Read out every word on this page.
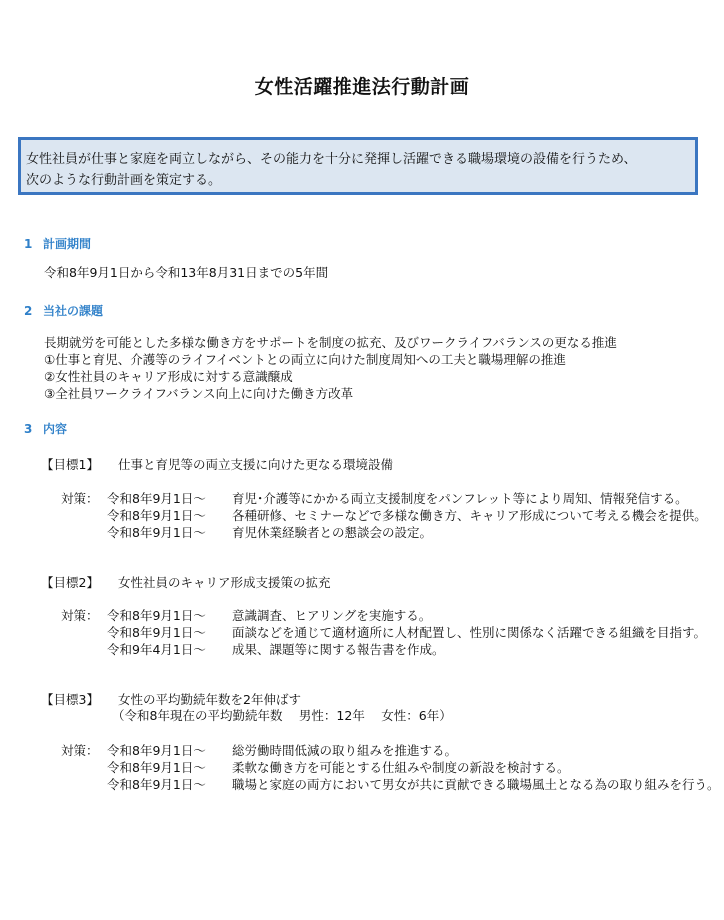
女性活躍推進法行動計画
女性社員が仕事と家庭を両立しながら、その能力を十分に発揮し活躍できる職場環境の設備を行うため、
次のような行動計画を策定する。
1 計画期間
令和8年9月1日から令和13年8月31日までの5年間
2 当社の課題
長期就労を可能とした多様な働き方をサポートを制度の拡充、及びワークライフバランスの更なる推進
①仕事と育児、介護等のライフイベントとの両立に向けた制度周知への工夫と職場理解の推進
②女性社員のキャリア形成に対する意識醸成
③全社員ワークライフバランス向上に向けた働き方改革
3 内容
【目標1】 仕事と育児等の両立支援に向けた更なる環境設備
対策： 令和8年9月1日～ 育児･介護等にかかる両立支援制度をパンフレット等により周知、情報発信する。
令和8年9月1日～ 各種研修、セミナーなどで多様な働き方、キャリア形成について考える機会を提供。
令和8年9月1日～ 育児休業経験者との懇談会の設定。
【目標2】 女性社員のキャリア形成支援策の拡充
対策： 令和8年9月1日～ 意識調査、ヒアリングを実施する。
令和8年9月1日～ 面談などを通じて適材適所に人材配置し、性別に関係なく活躍できる組織を目指す。
令和9年4月1日～ 成果、課題等に関する報告書を作成。
【目標3】 女性の平均勤続年数を2年伸ばす
（令和8年現在の平均勤続年数　 男性：12年　 女性：6年）
対策： 令和8年9月1日～ 総労働時間低減の取り組みを推進する。
令和8年9月1日～ 柔軟な働き方を可能とする仕組みや制度の新設を検討する。
令和8年9月1日～ 職場と家庭の両方において男女が共に貢献できる職場風土となる為の取り組みを行う。
